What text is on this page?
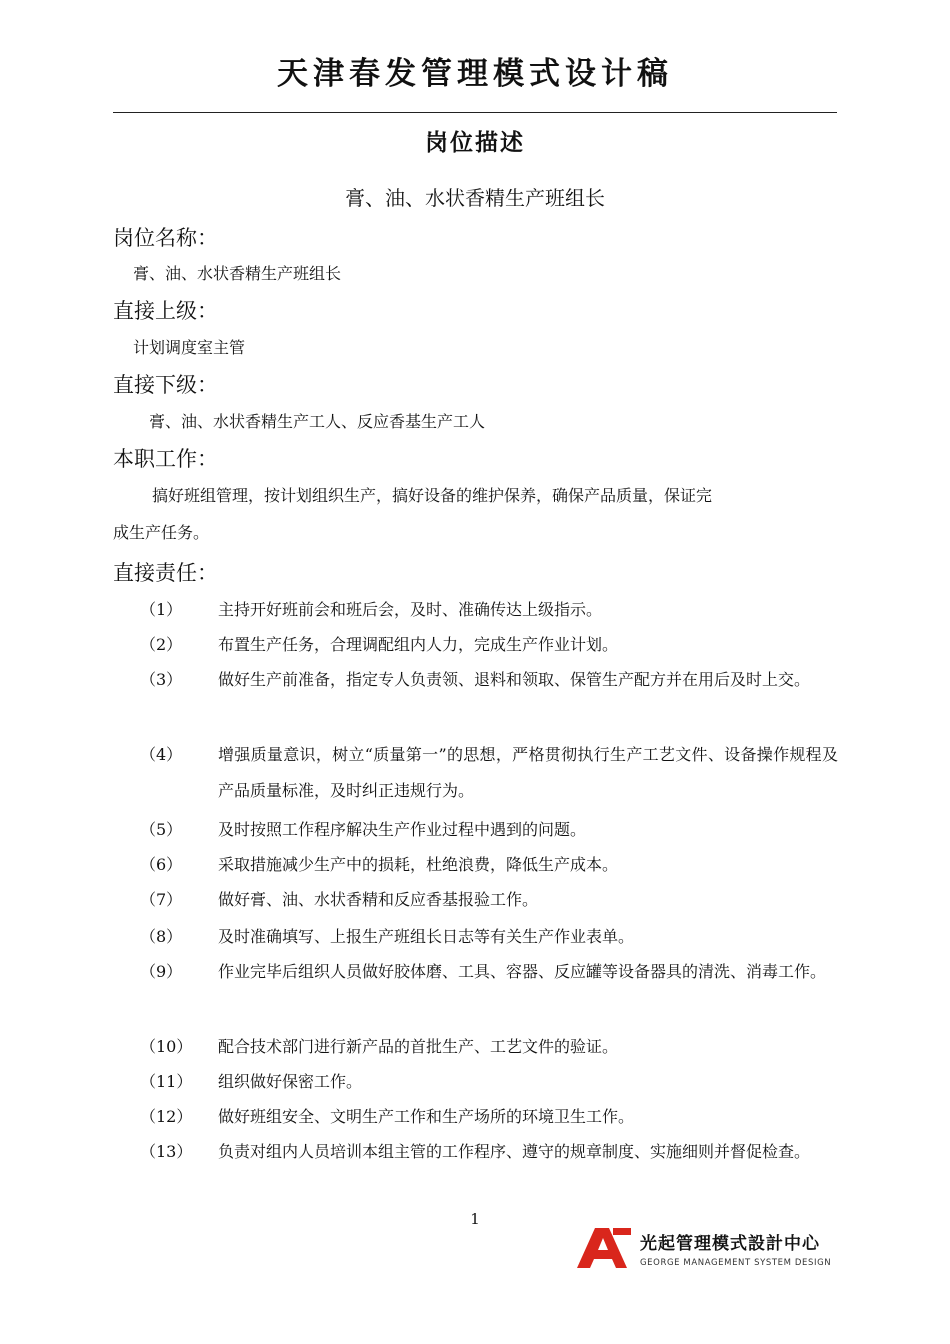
天津春发管理模式设计稿
岗位描述
膏、油、水状香精生产班组长
岗位名称：
膏、油、水状香精生产班组长
直接上级：
计划调度室主管
直接下级：
膏、油、水状香精生产工人、反应香基生产工人
本职工作：
搞好班组管理，按计划组织生产，搞好设备的维护保养，确保产品质量，保证完
成生产任务。
直接责任：
（1）	主持开好班前会和班后会，及时、准确传达上级指示。
（2）	布置生产任务，合理调配组内人力，完成生产作业计划。
（3）	做好生产前准备，指定专人负责领、退料和领取、保管生产配方并在用后及时上交。
（4）	增强质量意识，树立“质量第一”的思想，严格贯彻执行生产工艺文件、设备操作规程及产品质量标准，及时纠正违规行为。
（5）	及时按照工作程序解决生产作业过程中遇到的问题。
（6）	采取措施减少生产中的损耗，杜绝浪费，降低生产成本。
（7）	做好膏、油、水状香精和反应香基报验工作。
（8）	及时准确填写、上报生产班组长日志等有关生产作业表单。
（9）	作业完毕后组织人员做好胶体磨、工具、容器、反应罐等设备器具的清洗、消毒工作。
（10）	配合技术部门进行新产品的首批生产、工艺文件的验证。
（11）	组织做好保密工作。
（12）	做好班组安全、文明生产工作和生产场所的环境卫生工作。
（13）	负责对组内人员培训本组主管的工作程序、遵守的规章制度、实施细则并督促检查。
1
光起管理模式設計中心
GEORGE MANAGEMENT SYSTEM DESIGN
